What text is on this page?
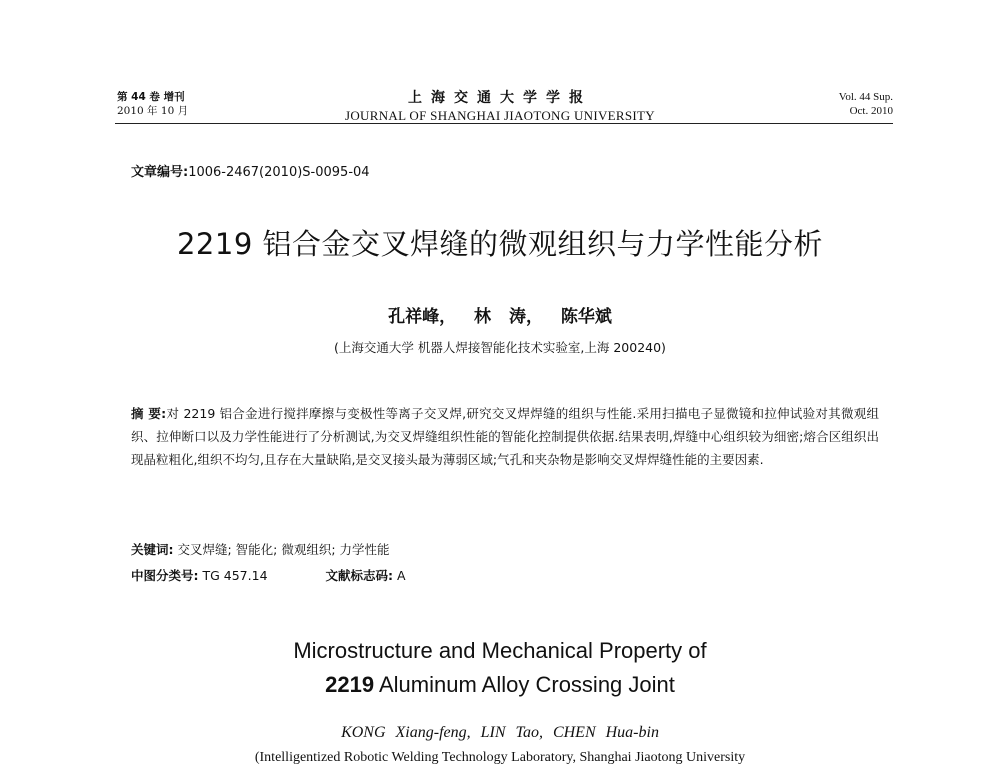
第 44 卷 增刊
2010 年 10 月
上海交通大学学报
JOURNAL OF SHANGHAI JIAOTONG UNIVERSITY
Vol. 44 Sup.
Oct. 2010
文章编号:1006-2467(2010)S-0095-04
2219 铝合金交叉焊缝的微观组织与力学性能分析
孔祥峰， 林 涛， 陈华斌
(上海交通大学 机器人焊接智能化技术实验室,上海 200240)
摘 要:对 2219 铝合金进行搅拌摩擦与变极性等离子交叉焊,研究交叉焊焊缝的组织与性能.采用扫描电子显微镜和拉伸试验对其微观组织、拉伸断口以及力学性能进行了分析测试,为交叉焊缝组织性能的智能化控制提供依据.结果表明,焊缝中心组织较为细密;熔合区组织出现晶粒粗化,组织不均匀,且存在大量缺陷,是交叉接头最为薄弱区域;气孔和夹杂物是影响交叉焊焊缝性能的主要因素.
关键词: 交叉焊缝; 智能化; 微观组织; 力学性能
中图分类号: TG 457.14	文献标志码: A
Microstructure and Mechanical Property of
2219 Aluminum Alloy Crossing Joint
KONG Xiang-feng, LIN Tao, CHEN Hua-bin
(Intelligentized Robotic Welding Technology Laboratory, Shanghai Jiaotong University
